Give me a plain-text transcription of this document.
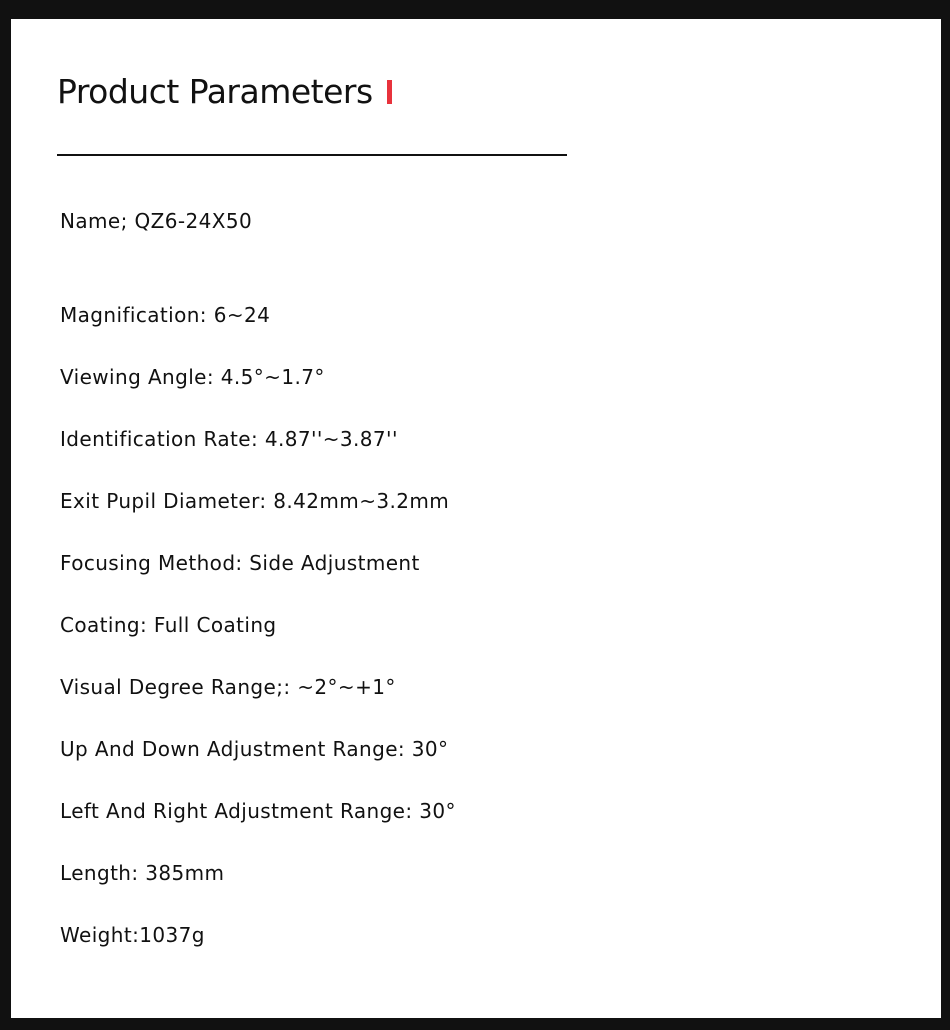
Product Parameters
Name; QZ6-24X50
Magnification: 6~24
Viewing Angle: 4.5°~1.7°
Identification Rate: 4.87''~3.87''
Exit Pupil Diameter: 8.42mm~3.2mm
Focusing Method: Side Adjustment
Coating: Full Coating
Visual Degree Range;: ~2°~+1°
Up And Down Adjustment Range: 30°
Left And Right Adjustment Range: 30°
Length: 385mm
Weight:1037g
